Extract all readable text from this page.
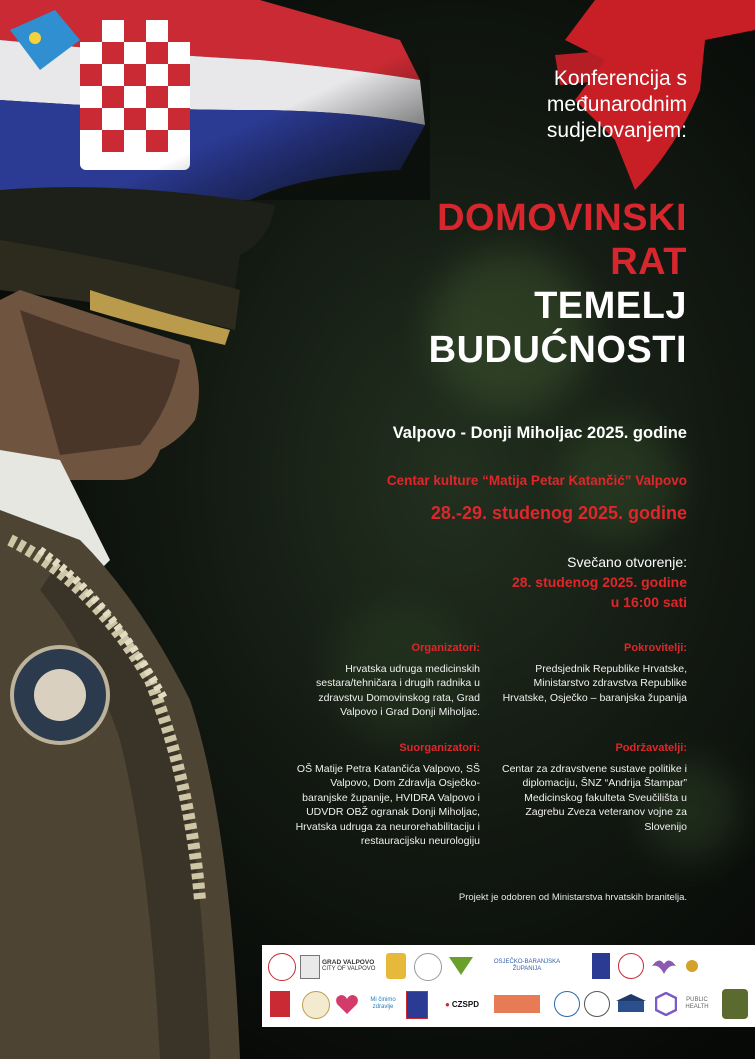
Konferencija s
međunarodnim
sudjelovanjem:
DOMOVINSKI
RAT
TEMELJ
BUDUĆNOSTI
Valpovo - Donji Miholjac 2025. godine
Centar kulture “Matija Petar Katančić” Valpovo
28.-29. studenog 2025. godine
Svečano otvorenje:
28. studenog 2025. godine
u 16:00 sati
Organizatori:
Hrvatska udruga medicinskih sestara/tehničara i drugih radnika u zdravstvu Domovinskog rata, Grad Valpovo i Grad Donji Miholjac.
Pokrovitelji:
Predsjednik Republike Hrvatske, Ministarstvo zdravstva Republike Hrvatske, Osječko – baranjska županija
Suorganizatori:
OŠ Matije Petra Katančića Valpovo, SŠ Valpovo, Dom Zdravlja Osječko-baranjske županije, HVIDRA Valpovo i UDVDR OBŽ ogranak Donji Miholjac, Hrvatska udruga za neurorehabilitaciju i restauracijsku neurologiju
Podržavatelji:
Centar za zdravstvene sustave politike i diplomaciju, ŠNZ “Andrija Štampar” Medicinskog fakulteta Sveučilišta u Zagrebu Zveza veteranov vojne za Slovenijo
Projekt je odobren od Ministarstva hrvatskih branitelja.
GRAD VALPOVO
CITY OF VALPOVO
OSJEČKO-BARANJSKA ŽUPANIJA
Mi činimo zdravlje	● CZSPD	PUBLIC HEALTH
